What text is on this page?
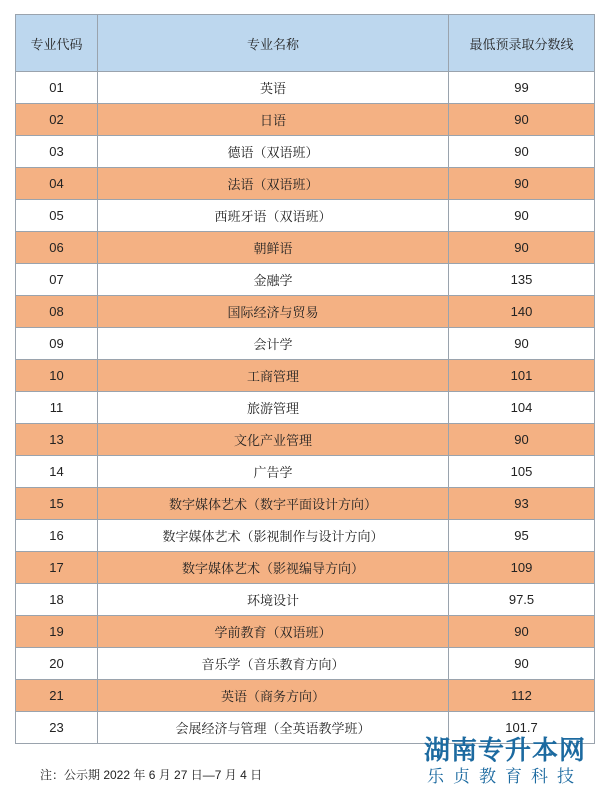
专业代码	专业名称	最低预录取分数线
01	英语	99
02	日语	90
03	德语（双语班）	90
04	法语（双语班）	90
05	西班牙语（双语班）	90
06	朝鲜语	90
07	金融学	135
08	国际经济与贸易	140
09	会计学	90
10	工商管理	101
11	旅游管理	104
13	文化产业管理	90
14	广告学	105
15	数字媒体艺术（数字平面设计方向）	93
16	数字媒体艺术（影视制作与设计方向）	95
17	数字媒体艺术（影视编导方向）	109
18	环境设计	97.5
19	学前教育（双语班）	90
20	音乐学（音乐教育方向）	90
21	英语（商务方向）	112
23	会展经济与管理（全英语教学班）	101.7
注：公示期 2022 年 6 月 27 日—7 月 4 日
湖南专升本网
乐贞教育科技
